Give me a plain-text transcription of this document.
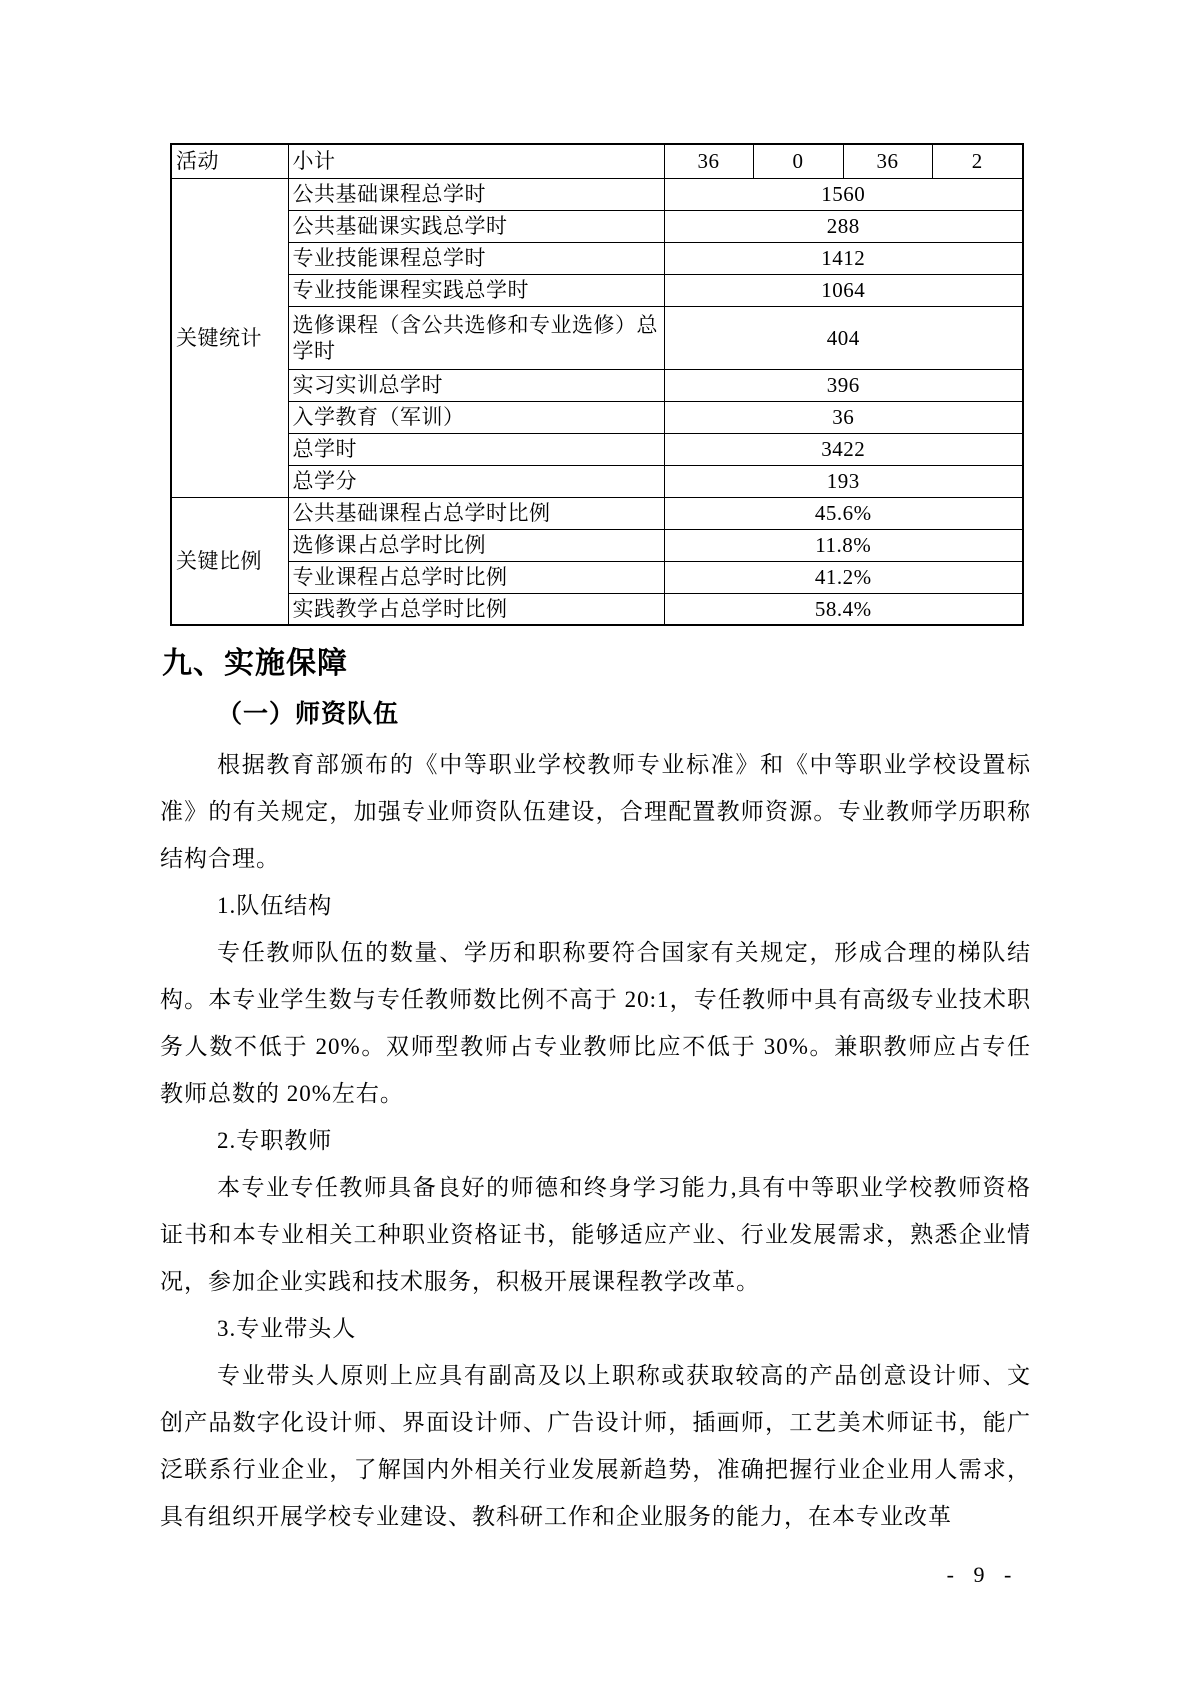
活动	小计	36	0	36	2
关键统计	公共基础课程总学时	1560			
	公共基础课实践总学时	288			
	专业技能课程总学时	1412			
	专业技能课程实践总学时	1064			
	选修课程（含公共选修和专业选修）总学时	404			
	实习实训总学时	396			
	入学教育（军训）	36			
	总学时	3422			
	总学分	193			
关键比例	公共基础课程占总学时比例	45.6%			
	选修课占总学时比例	11.8%			
	专业课程占总学时比例	41.2%			
	实践教学占总学时比例	58.4%			
九、实施保障
（一）师资队伍

根据教育部颁布的《中等职业学校教师专业标准》和《中等职业学校设置标准》的有关规定，加强专业师资队伍建设，合理配置教师资源。专业教师学历职称结构合理。

1.队伍结构

专任教师队伍的数量、学历和职称要符合国家有关规定，形成合理的梯队结构。本专业学生数与专任教师数比例不高于 20:1，专任教师中具有高级专业技术职务人数不低于 20%。双师型教师占专业教师比应不低于 30%。兼职教师应占专任教师总数的 20%左右。

2.专职教师

本专业专任教师具备良好的师德和终身学习能力,具有中等职业学校教师资格证书和本专业相关工种职业资格证书，能够适应产业、行业发展需求，熟悉企业情况，参加企业实践和技术服务，积极开展课程教学改革。

3.专业带头人

专业带头人原则上应具有副高及以上职称或获取较高的产品创意设计师、文创产品数字化设计师、界面设计师、广告设计师，插画师，工艺美术师证书，能广泛联系行业企业，了解国内外相关行业发展新趋势，准确把握行业企业用人需求，具有组织开展学校专业建设、教科研工作和企业服务的能力，在本专业改革

- 9 -
